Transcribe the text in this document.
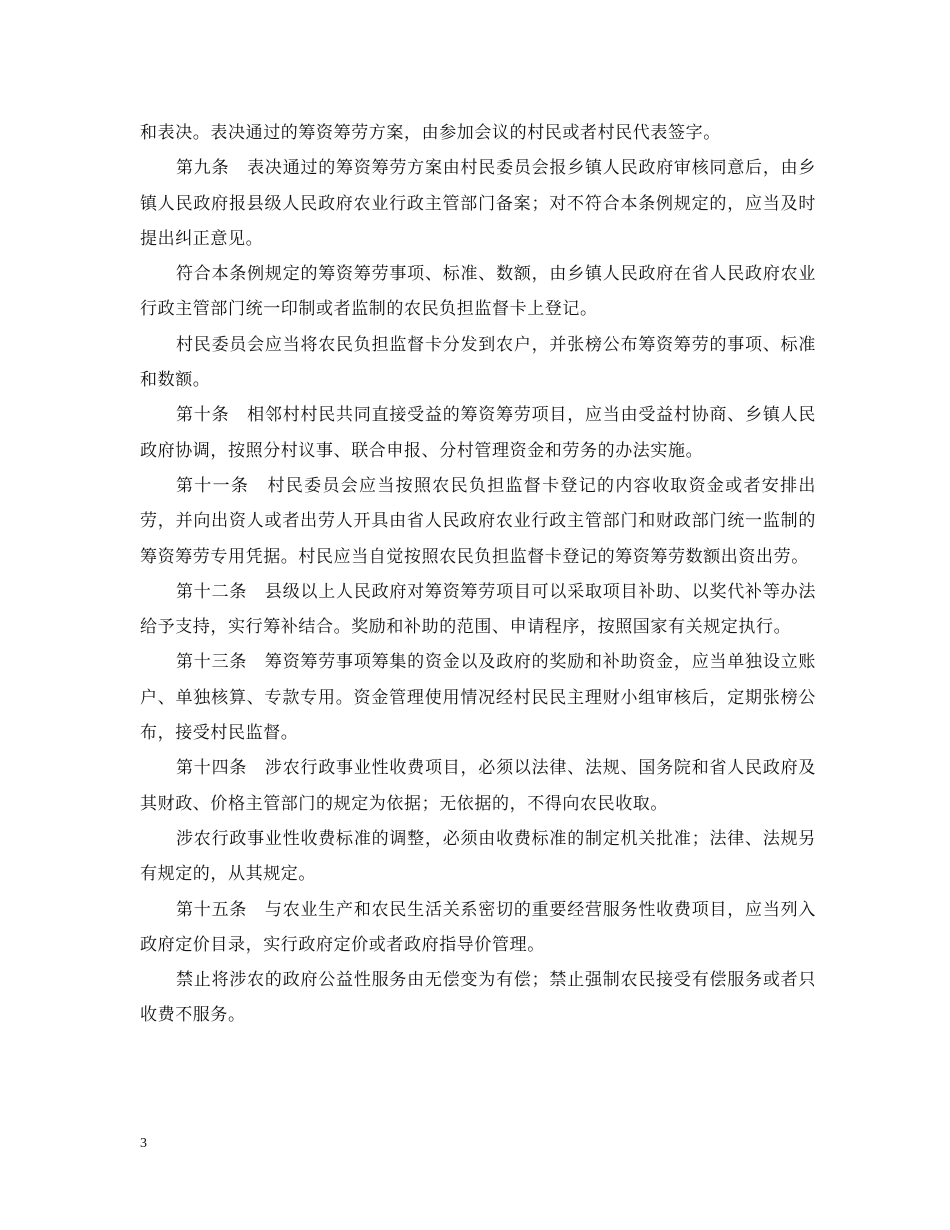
和表决。表决通过的筹资筹劳方案，由参加会议的村民或者村民代表签字。

第九条　表决通过的筹资筹劳方案由村民委员会报乡镇人民政府审核同意后，由乡镇人民政府报县级人民政府农业行政主管部门备案；对不符合本条例规定的，应当及时提出纠正意见。

符合本条例规定的筹资筹劳事项、标准、数额，由乡镇人民政府在省人民政府农业行政主管部门统一印制或者监制的农民负担监督卡上登记。

村民委员会应当将农民负担监督卡分发到农户，并张榜公布筹资筹劳的事项、标准和数额。

第十条　相邻村村民共同直接受益的筹资筹劳项目，应当由受益村协商、乡镇人民政府协调，按照分村议事、联合申报、分村管理资金和劳务的办法实施。

第十一条　村民委员会应当按照农民负担监督卡登记的内容收取资金或者安排出劳，并向出资人或者出劳人开具由省人民政府农业行政主管部门和财政部门统一监制的筹资筹劳专用凭据。村民应当自觉按照农民负担监督卡登记的筹资筹劳数额出资出劳。

第十二条　县级以上人民政府对筹资筹劳项目可以采取项目补助、以奖代补等办法给予支持，实行筹补结合。奖励和补助的范围、申请程序，按照国家有关规定执行。

第十三条　筹资筹劳事项筹集的资金以及政府的奖励和补助资金，应当单独设立账户、单独核算、专款专用。资金管理使用情况经村民民主理财小组审核后，定期张榜公布，接受村民监督。

第十四条　涉农行政事业性收费项目，必须以法律、法规、国务院和省人民政府及其财政、价格主管部门的规定为依据；无依据的，不得向农民收取。

涉农行政事业性收费标准的调整，必须由收费标准的制定机关批准；法律、法规另有规定的，从其规定。

第十五条　与农业生产和农民生活关系密切的重要经营服务性收费项目，应当列入政府定价目录，实行政府定价或者政府指导价管理。

禁止将涉农的政府公益性服务由无偿变为有偿；禁止强制农民接受有偿服务或者只收费不服务。

3
